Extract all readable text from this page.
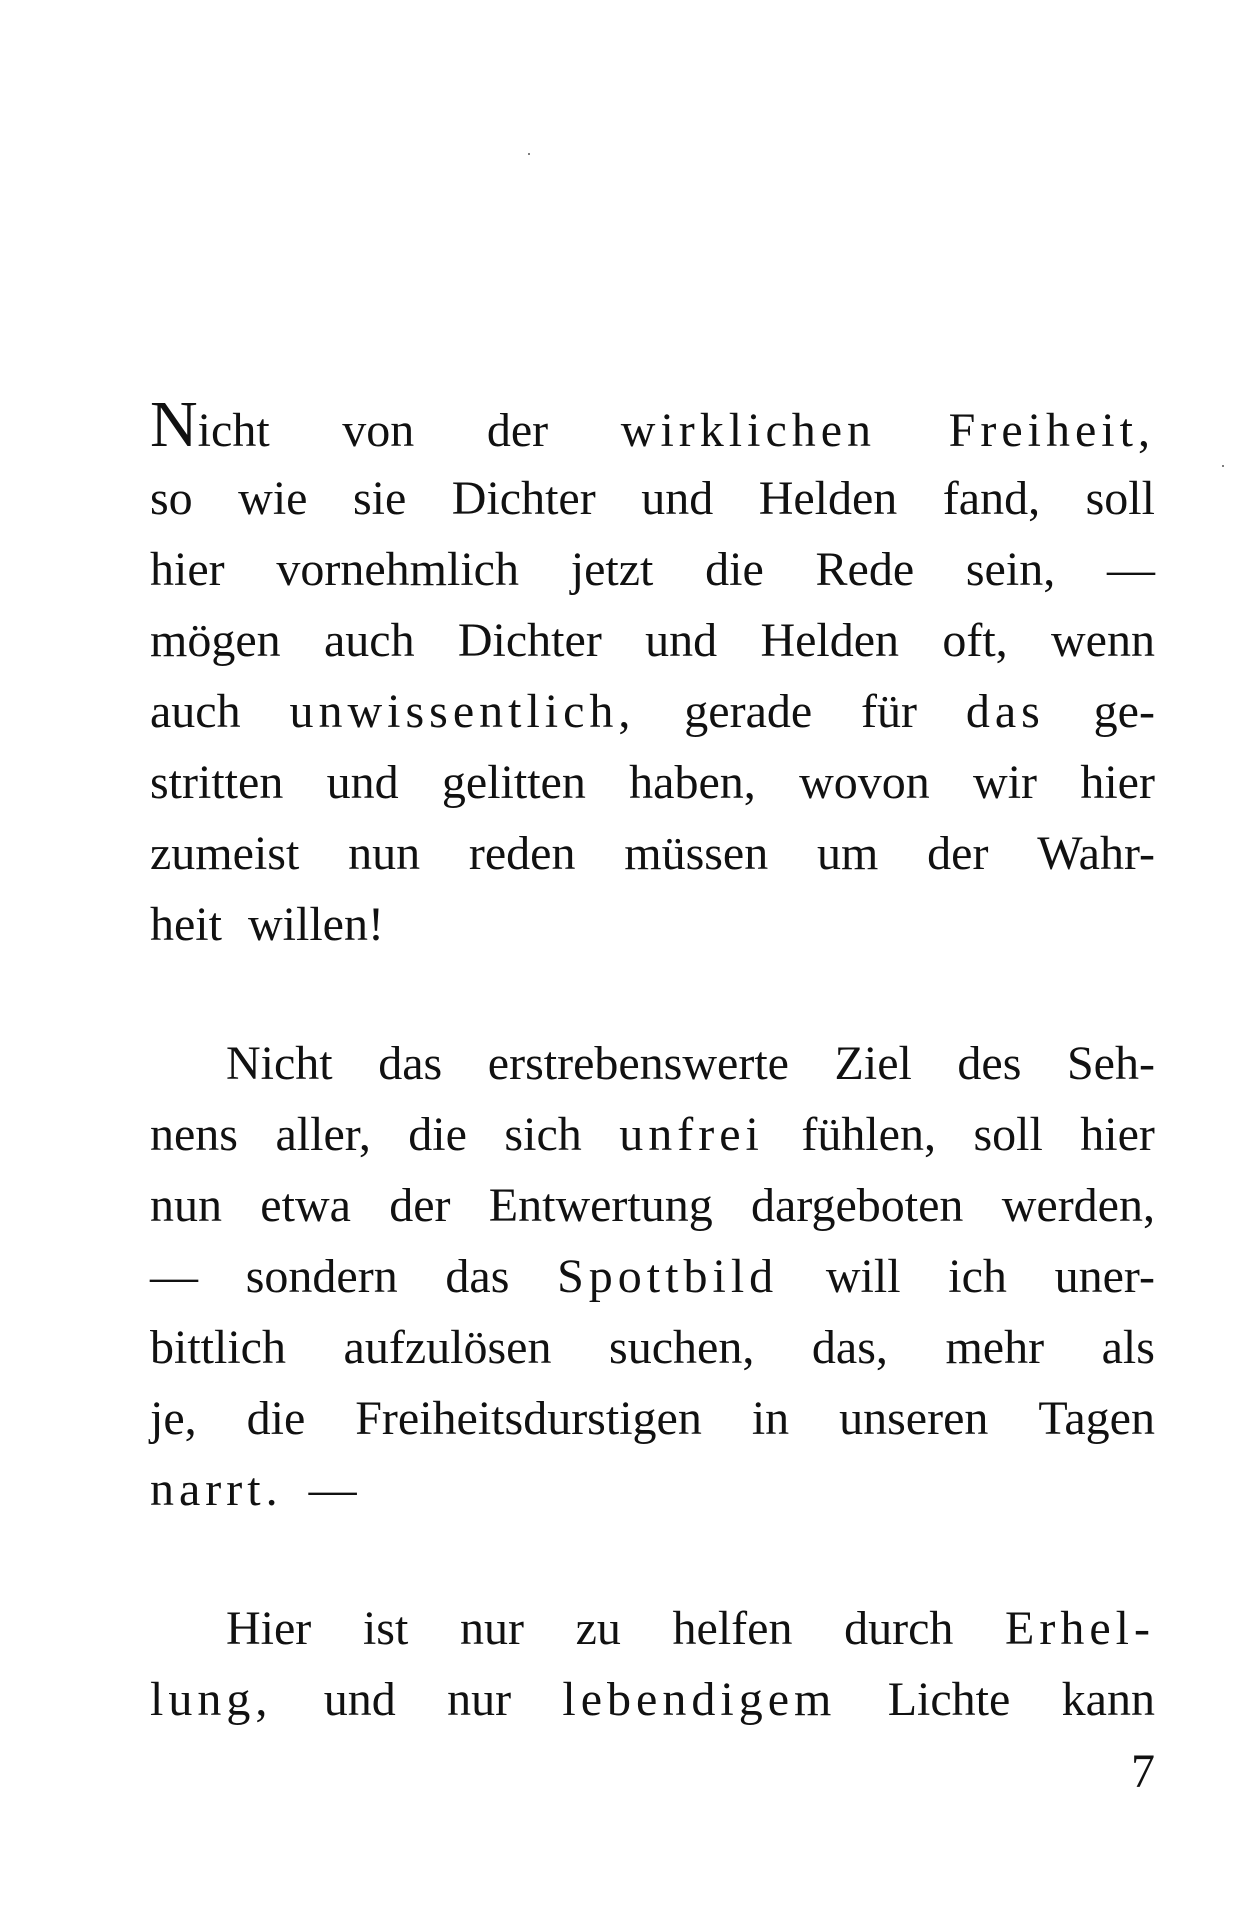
Nicht von der wirklichen Freiheit,
so wie sie Dichter und Helden fand, soll
hier vornehmlich jetzt die Rede sein, —
mögen auch Dichter und Helden oft, wenn
auch unwissentlich, gerade für das ge-
stritten und gelitten haben, wovon wir hier
zumeist nun reden müssen um der Wahr-
heit willen!
Nicht das erstrebenswerte Ziel des Seh-
nens aller, die sich unfrei fühlen, soll hier
nun etwa der Entwertung dargeboten werden,
— sondern das Spottbild will ich uner-
bittlich aufzulösen suchen, das, mehr als
je, die Freiheitsdurstigen in unseren Tagen
narrt. —
Hier ist nur zu helfen durch Erhel-
lung, und nur lebendigem Lichte kann
7
